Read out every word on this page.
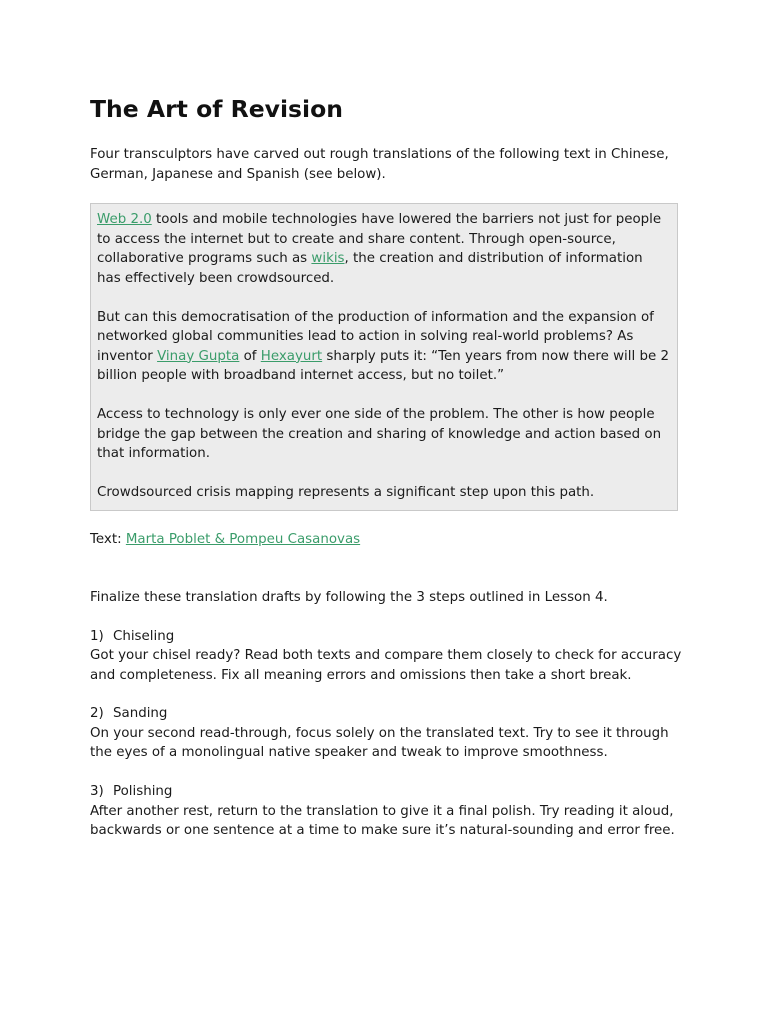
The Art of Revision

Four transculptors have carved out rough translations of the following text in Chinese, German, Japanese and Spanish (see below).

Web 2.0 tools and mobile technologies have lowered the barriers not just for people to access the internet but to create and share content. Through open-source, collaborative programs such as wikis, the creation and distribution of information has effectively been crowdsourced.

But can this democratisation of the production of information and the expansion of networked global communities lead to action in solving real-world problems? As inventor Vinay Gupta of Hexayurt sharply puts it: “Ten years from now there will be 2 billion people with broadband internet access, but no toilet.”

Access to technology is only ever one side of the problem. The other is how people bridge the gap between the creation and sharing of knowledge and action based on that information.

Crowdsourced crisis mapping represents a significant step upon this path.

Text: Marta Poblet & Pompeu Casanovas

Finalize these translation drafts by following the 3 steps outlined in Lesson 4.

1) Chiseling

Got your chisel ready? Read both texts and compare them closely to check for accuracy and completeness. Fix all meaning errors and omissions then take a short break.

2) Sanding

On your second read-through, focus solely on the translated text. Try to see it through the eyes of a monolingual native speaker and tweak to improve smoothness.

3) Polishing

After another rest, return to the translation to give it a final polish. Try reading it aloud, backwards or one sentence at a time to make sure it’s natural-sounding and error free.
